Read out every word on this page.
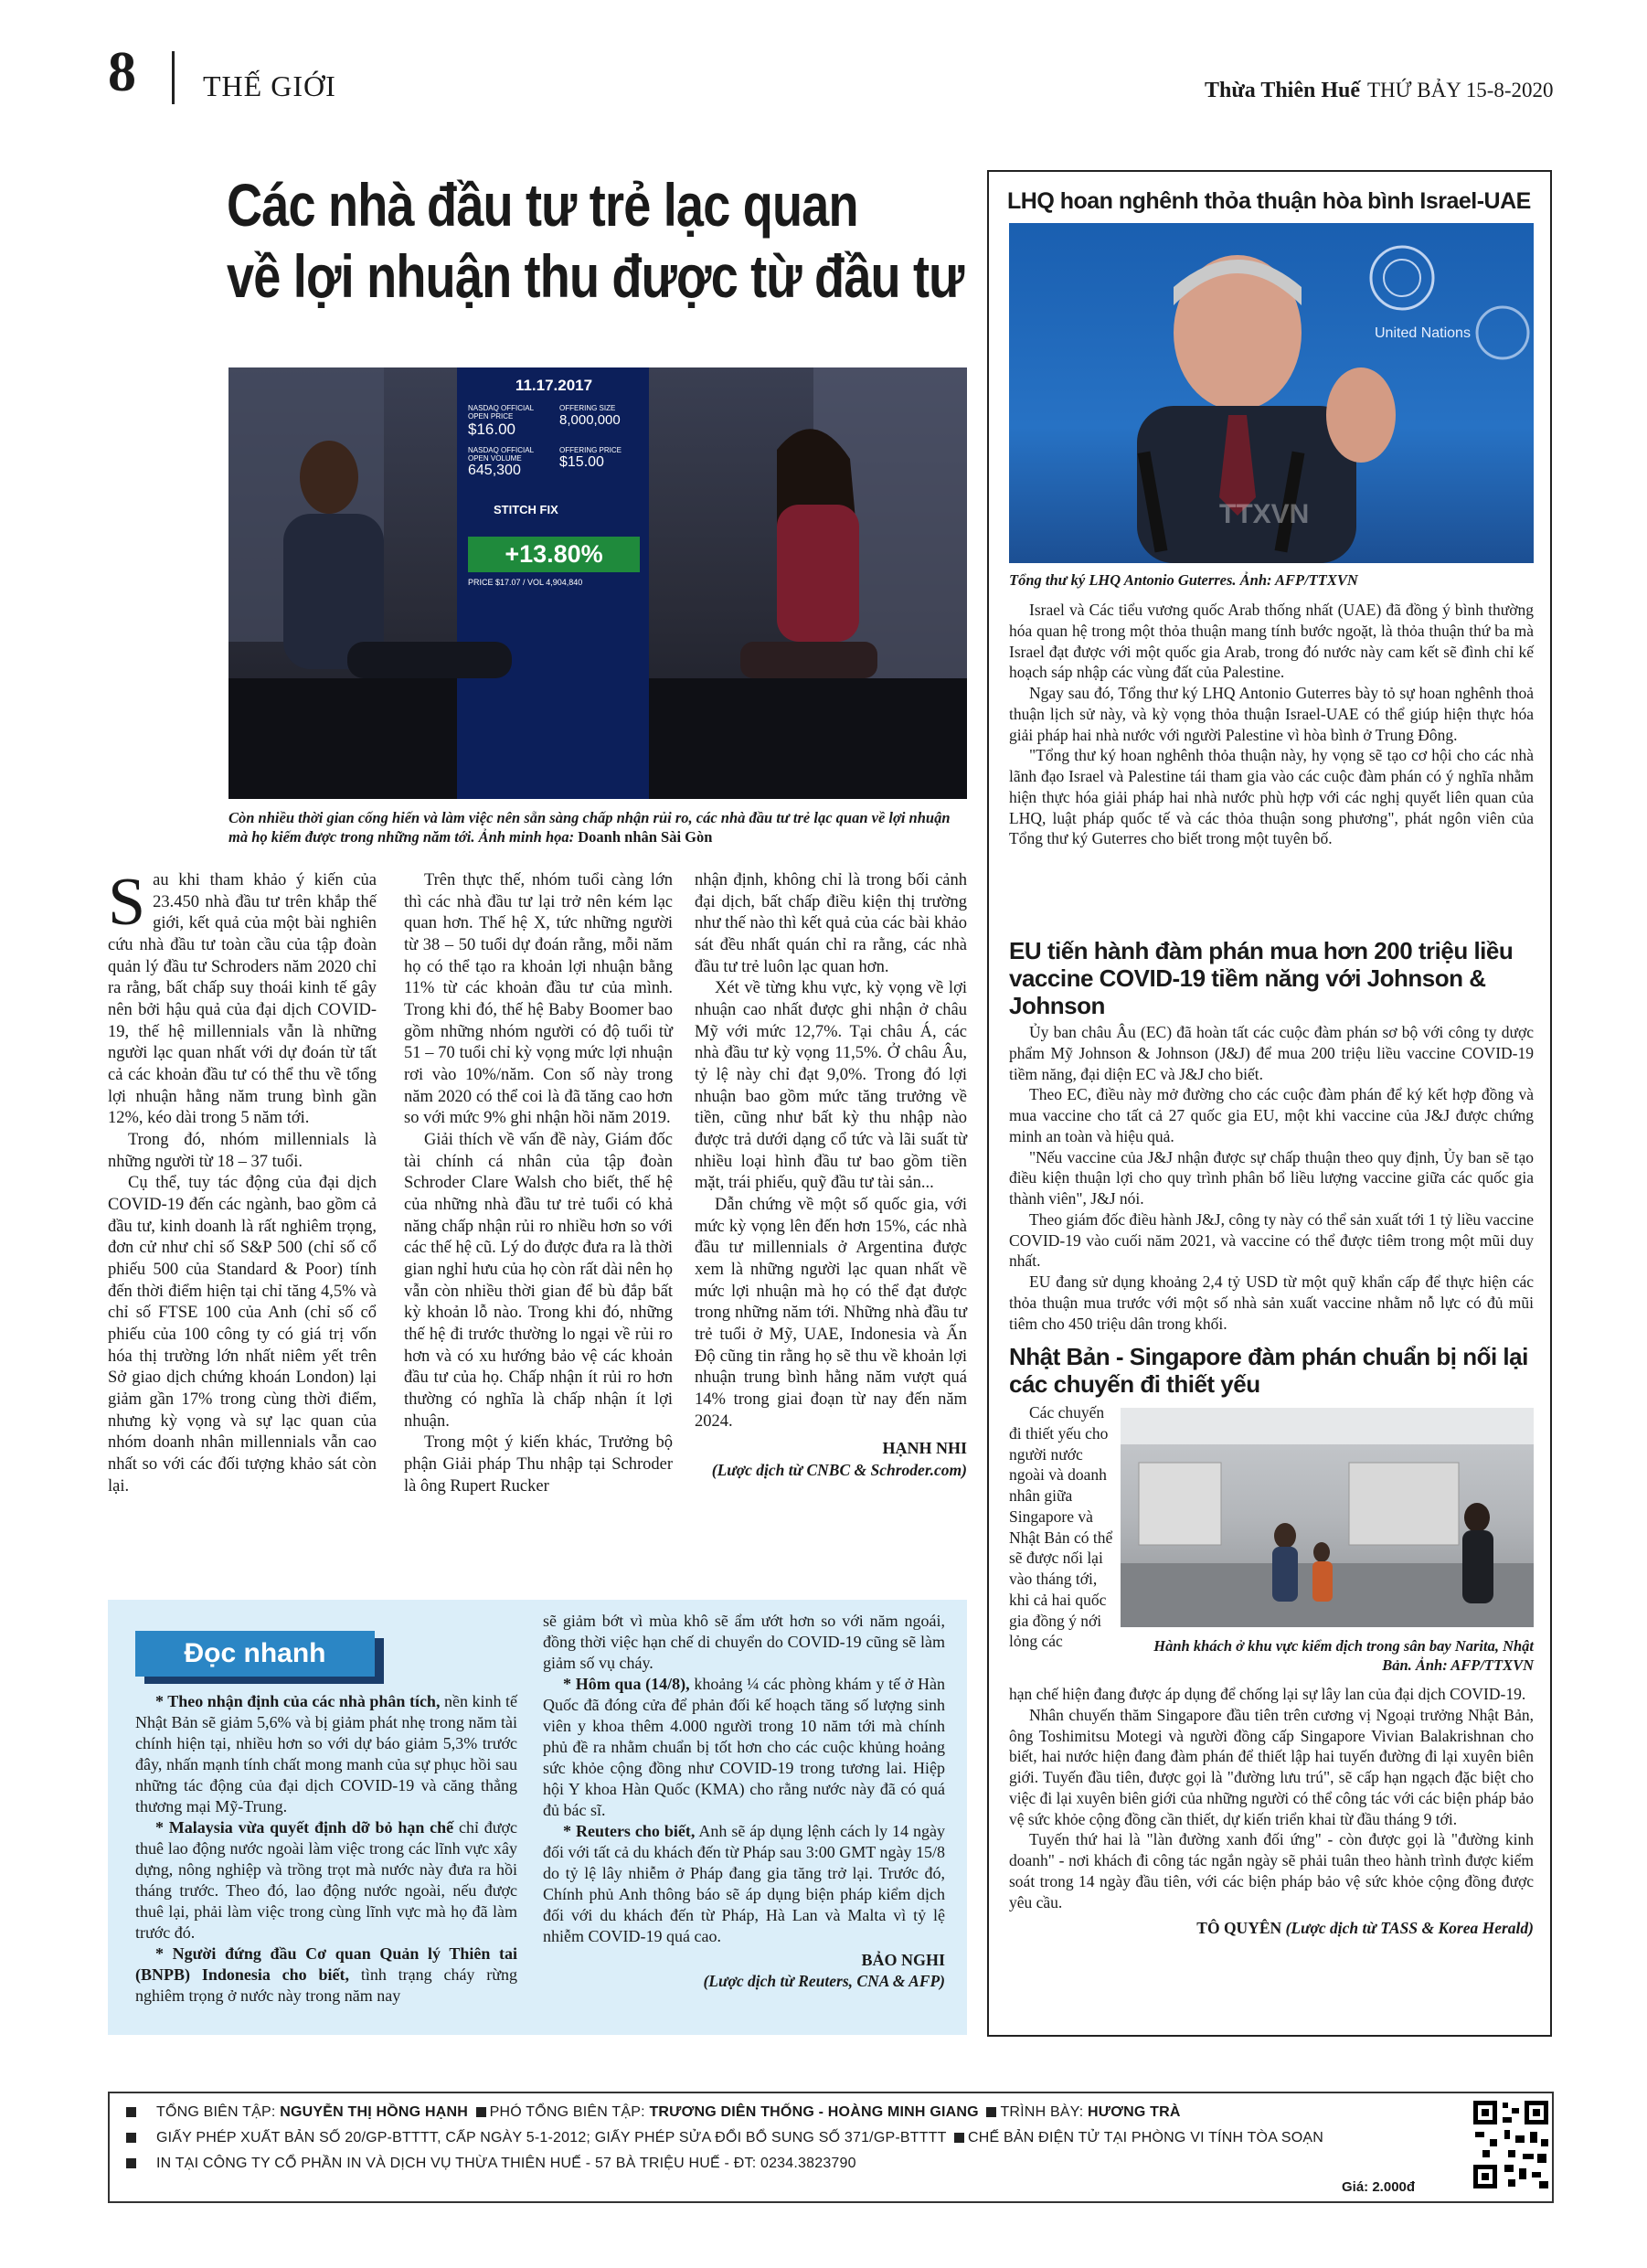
8 THẾ GIỚI	Thừa Thiên Huế THỨ BẢY 15-8-2020
Các nhà đầu tư trẻ lạc quan
về lợi nhuận thu được từ đầu tư
11.17.2017
NASDAQ OFFICIAL OPEN PRICE
$16.00
OFFERING SIZE
8,000,000
NASDAQ OFFICIAL OPEN VOLUME
645,300
OFFERING PRICE
$15.00
STITCH FIX
+13.80%
PRICE $17.07 / VOL 4,904,840
Còn nhiều thời gian cống hiến và làm việc nên sẵn sàng chấp nhận rủi ro, các nhà đầu tư trẻ lạc quan về lợi nhuận mà họ kiếm được trong những năm tới. Ảnh minh họa: Doanh nhân Sài Gòn

Sau khi tham khảo ý kiến của 23.450 nhà đầu tư trên khắp thế giới, kết quả của một bài nghiên cứu nhà đầu tư toàn cầu của tập đoàn quản lý đầu tư Schroders năm 2020 chỉ ra rằng, bất chấp suy thoái kinh tế gây nên bởi hậu quả của đại dịch COVID-19, thế hệ millennials vẫn là những người lạc quan nhất với dự đoán từ tất cả các khoản đầu tư có thể thu về tổng lợi nhuận hằng năm trung bình gần 12%, kéo dài trong 5 năm tới.

Trong đó, nhóm millennials là những người từ 18 – 37 tuổi.

Cụ thể, tuy tác động của đại dịch COVID-19 đến các ngành, bao gồm cả đầu tư, kinh doanh là rất nghiêm trọng, đơn cử như chỉ số S&P 500 (chỉ số cổ phiếu 500 của Standard & Poor) tính đến thời điểm hiện tại chỉ tăng 4,5% và chỉ số FTSE 100 của Anh (chỉ số cổ phiếu của 100 công ty có giá trị vốn hóa thị trường lớn nhất niêm yết trên Sở giao dịch chứng khoán London) lại giảm gần 17% trong cùng thời điểm, nhưng kỳ vọng và sự lạc quan của nhóm doanh nhân millennials vẫn cao nhất so với các đối tượng khảo sát còn lại.

Trên thực thế, nhóm tuổi càng lớn thì các nhà đầu tư lại trở nên kém lạc quan hơn. Thế hệ X, tức những người từ 38 – 50 tuổi dự đoán rằng, mỗi năm họ có thể tạo ra khoản lợi nhuận bằng 11% từ các khoản đầu tư của mình. Trong khi đó, thế hệ Baby Boomer bao gồm những nhóm người có độ tuổi từ 51 – 70 tuổi chỉ kỳ vọng mức lợi nhuận rơi vào 10%/năm. Con số này trong năm 2020 có thể coi là đã tăng cao hơn so với mức 9% ghi nhận hồi năm 2019.

Giải thích về vấn đề này, Giám đốc tài chính cá nhân của tập đoàn Schroder Clare Walsh cho biết, thế hệ của những nhà đầu tư trẻ tuổi có khả năng chấp nhận rủi ro nhiều hơn so với các thế hệ cũ. Lý do được đưa ra là thời gian nghỉ hưu của họ còn rất dài nên họ vẫn còn nhiều thời gian để bù đắp bất kỳ khoản lỗ nào. Trong khi đó, những thế hệ đi trước thường lo ngại về rủi ro hơn và có xu hướng bảo vệ các khoản đầu tư của họ. Chấp nhận ít rủi ro hơn thường có nghĩa là chấp nhận ít lợi nhuận.

Trong một ý kiến khác, Trưởng bộ phận Giải pháp Thu nhập tại Schroder là ông Rupert Rucker

nhận định, không chỉ là trong bối cảnh đại dịch, bất chấp điều kiện thị trường như thế nào thì kết quả của các bài khảo sát đều nhất quán chỉ ra rằng, các nhà đầu tư trẻ luôn lạc quan hơn.

Xét về từng khu vực, kỳ vọng về lợi nhuận cao nhất được ghi nhận ở châu Mỹ với mức 12,7%. Tại châu Á, các nhà đầu tư kỳ vọng 11,5%. Ở châu Âu, tỷ lệ này chỉ đạt 9,0%. Trong đó lợi nhuận bao gồm mức tăng trưởng về tiền, cũng như bất kỳ thu nhập nào được trả dưới dạng cổ tức và lãi suất từ nhiều loại hình đầu tư bao gồm tiền mặt, trái phiếu, quỹ đầu tư tài sản...

Dẫn chứng về một số quốc gia, với mức kỳ vọng lên đến hơn 15%, các nhà đầu tư millennials ở Argentina được xem là những người lạc quan nhất về mức lợi nhuận mà họ có thể đạt được trong những năm tới. Những nhà đầu tư trẻ tuổi ở Mỹ, UAE, Indonesia và Ấn Độ cũng tin rằng họ sẽ thu về khoản lợi nhuận trung bình hằng năm vượt quá 14% trong giai đoạn từ nay đến năm 2024.

HẠNH NHI
(Lược dịch từ CNBC & Schroder.com)
Đọc nhanh

* Theo nhận định của các nhà phân tích, nền kinh tế Nhật Bản sẽ giảm 5,6% và bị giảm phát nhẹ trong năm tài chính hiện tại, nhiều hơn so với dự báo giảm 5,3% trước đây, nhấn mạnh tính chất mong manh của sự phục hồi sau những tác động của đại dịch COVID-19 và căng thẳng thương mại Mỹ-Trung.

* Malaysia vừa quyết định dỡ bỏ hạn chế chỉ được thuê lao động nước ngoài làm việc trong các lĩnh vực xây dựng, nông nghiệp và trồng trọt mà nước này đưa ra hồi tháng trước. Theo đó, lao động nước ngoài, nếu được thuê lại, phải làm việc trong cùng lĩnh vực mà họ đã làm trước đó.

* Người đứng đầu Cơ quan Quản lý Thiên tai (BNPB) Indonesia cho biết, tình trạng cháy rừng nghiêm trọng ở nước này trong năm nay

sẽ giảm bớt vì mùa khô sẽ ẩm ướt hơn so với năm ngoái, đồng thời việc hạn chế di chuyển do COVID-19 cũng sẽ làm giảm số vụ cháy.

* Hôm qua (14/8), khoảng ¼ các phòng khám y tế ở Hàn Quốc đã đóng cửa để phản đối kế hoạch tăng số lượng sinh viên y khoa thêm 4.000 người trong 10 năm tới mà chính phủ đề ra nhằm chuẩn bị tốt hơn cho các cuộc khủng hoảng sức khỏe cộng đồng như COVID-19 trong tương lai. Hiệp hội Y khoa Hàn Quốc (KMA) cho rằng nước này đã có quá đủ bác sĩ.

* Reuters cho biết, Anh sẽ áp dụng lệnh cách ly 14 ngày đối với tất cả du khách đến từ Pháp sau 3:00 GMT ngày 15/8 do tỷ lệ lây nhiễm ở Pháp đang gia tăng trở lại. Trước đó, Chính phủ Anh thông báo sẽ áp dụng biện pháp kiểm dịch đối với du khách đến từ Pháp, Hà Lan và Malta vì tỷ lệ nhiễm COVID-19 quá cao.

BẢO NGHI
(Lược dịch từ Reuters, CNA & AFP)
LHQ hoan nghênh thỏa thuận hòa bình Israel-UAE
United Nations
TTXVN
Tổng thư ký LHQ Antonio Guterres. Ảnh: AFP/TTXVN

Israel và Các tiểu vương quốc Arab thống nhất (UAE) đã đồng ý bình thường hóa quan hệ trong một thỏa thuận mang tính bước ngoặt, là thỏa thuận thứ ba mà Israel đạt được với một quốc gia Arab, trong đó nước này cam kết sẽ đình chỉ kế hoạch sáp nhập các vùng đất của Palestine.

Ngay sau đó, Tổng thư ký LHQ Antonio Guterres bày tỏ sự hoan nghênh thoả thuận lịch sử này, và kỳ vọng thỏa thuận Israel-UAE có thể giúp hiện thực hóa giải pháp hai nhà nước với người Palestine vì hòa bình ở Trung Đông.

"Tổng thư ký hoan nghênh thỏa thuận này, hy vọng sẽ tạo cơ hội cho các nhà lãnh đạo Israel và Palestine tái tham gia vào các cuộc đàm phán có ý nghĩa nhằm hiện thực hóa giải pháp hai nhà nước phù hợp với các nghị quyết liên quan của LHQ, luật pháp quốc tế và các thỏa thuận song phương", phát ngôn viên của Tổng thư ký Guterres cho biết trong một tuyên bố.

EU tiến hành đàm phán mua hơn 200 triệu liều vaccine COVID-19 tiềm năng với Johnson & Johnson

Ủy ban châu Âu (EC) đã hoàn tất các cuộc đàm phán sơ bộ với công ty dược phẩm Mỹ Johnson & Johnson (J&J) để mua 200 triệu liều vaccine COVID-19 tiềm năng, đại diện EC và J&J cho biết.

Theo EC, điều này mở đường cho các cuộc đàm phán để ký kết hợp đồng và mua vaccine cho tất cả 27 quốc gia EU, một khi vaccine của J&J được chứng minh an toàn và hiệu quả.

"Nếu vaccine của J&J nhận được sự chấp thuận theo quy định, Ủy ban sẽ tạo điều kiện thuận lợi cho quy trình phân bổ liều lượng vaccine giữa các quốc gia thành viên", J&J nói.

Theo giám đốc điều hành J&J, công ty này có thể sản xuất tới 1 tỷ liều vaccine COVID-19 vào cuối năm 2021, và vaccine có thể được tiêm trong một mũi duy nhất.

EU đang sử dụng khoảng 2,4 tỷ USD từ một quỹ khẩn cấp để thực hiện các thỏa thuận mua trước với một số nhà sản xuất vaccine nhằm nỗ lực có đủ mũi tiêm cho 450 triệu dân trong khối.

Nhật Bản - Singapore đàm phán chuẩn bị nối lại các chuyến đi thiết yếu

Các chuyến đi thiết yếu cho người nước ngoài và doanh nhân giữa Singapore và Nhật Bản có thể sẽ được nối lại vào tháng tới, khi cả hai quốc gia đồng ý nới lỏng các	Hành khách ở khu vực kiểm dịch trong sân bay Narita, Nhật Bản. Ảnh: AFP/TTXVN

hạn chế hiện đang được áp dụng để chống lại sự lây lan của đại dịch COVID-19.

Nhân chuyến thăm Singapore đầu tiên trên cương vị Ngoại trưởng Nhật Bản, ông Toshimitsu Motegi và người đồng cấp Singapore Vivian Balakrishnan cho biết, hai nước hiện đang đàm phán để thiết lập hai tuyến đường đi lại xuyên biên giới. Tuyến đầu tiên, được gọi là "đường lưu trú", sẽ cấp hạn ngạch đặc biệt cho việc đi lại xuyên biên giới của những người có thể công tác với các biện pháp bảo vệ sức khỏe cộng đồng cần thiết, dự kiến triển khai từ đầu tháng 9 tới.

Tuyến thứ hai là "làn đường xanh đối ứng" - còn được gọi là "đường kinh doanh" - nơi khách đi công tác ngắn ngày sẽ phải tuân theo hành trình được kiểm soát trong 14 ngày đầu tiên, với các biện pháp bảo vệ sức khỏe cộng đồng được yêu cầu.

TÔ QUYÊN (Lược dịch từ TASS & Korea Herald)
TỔNG BIÊN TẬP: NGUYỄN THỊ HỒNG HẠNH PHÓ TỔNG BIÊN TẬP: TRƯƠNG DIÊN THỐNG - HOÀNG MINH GIANG TRÌNH BÀY: HƯƠNG TRÀ
GIẤY PHÉP XUẤT BẢN SỐ 20/GP-BTTTT, CẤP NGÀY 5-1-2012; GIẤY PHÉP SỬA ĐỔI BỔ SUNG SỐ 371/GP-BTTTT CHẾ BẢN ĐIỆN TỬ TẠI PHÒNG VI TÍNH TÒA SOẠN
IN TẠI CÔNG TY CỔ PHẦN IN VÀ DỊCH VỤ THỪA THIÊN HUẾ - 57 BÀ TRIỆU HUẾ - ĐT: 0234.3823790
Giá: 2.000đ
